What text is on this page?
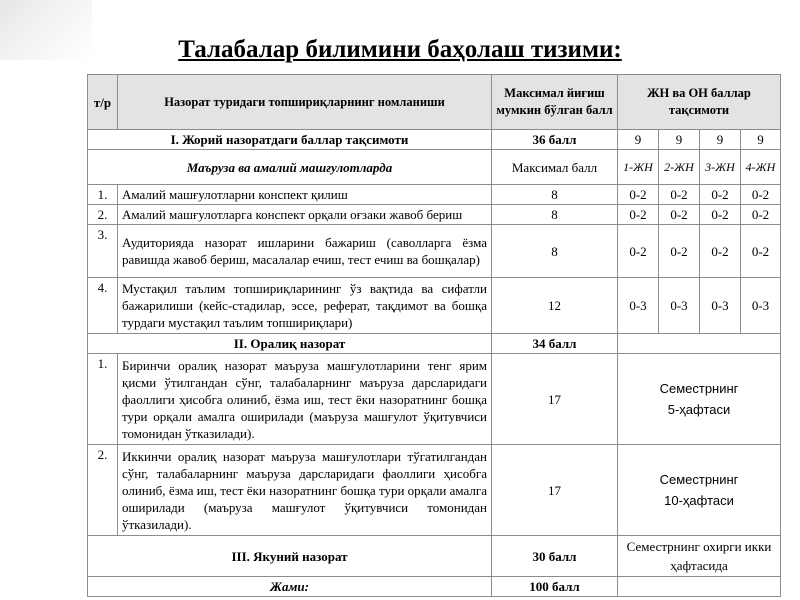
Талабалар билимини баҳолаш тизими:
т/р	Назорат туридаги топшириқларнинг номланиши	Максимал йиғиш мумкин бўлган балл	ЖН ва ОН баллар тақсимоти			
I. Жорий назоратдаги баллар тақсимоти		36 балл	9	9	9	9
Маъруза ва амалий машғулотларда		Максимал балл	1-ЖН	2-ЖН	3-ЖН	4-ЖН
1.	Амалий машғулотларни конспект қилиш	8	0-2	0-2	0-2	0-2
2.	Амалий машғулотларга конспект орқали оғзаки жавоб бериш	8	0-2	0-2	0-2	0-2
3.	Аудиторияда назорат ишларини бажариш (саволларга ёзма равишда жавоб бериш, масалалар ечиш, тест ечиш ва бошқалар)	8	0-2	0-2	0-2	0-2
4.	Мустақил таълим топшириқларининг ўз вақтида ва сифатли бажарилиши (кейс-стадилар, эссе, реферат, тақдимот ва бошқа турдаги мустақил таълим топшириқлари)	12	0-3	0-3	0-3	0-3
II. Оралиқ назорат		34 балл				
1.	Биринчи оралиқ назорат маъруза машғулотларини тенг ярим қисми ўтилгандан сўнг, талабаларнинг маъруза дарсларидаги фаоллиги ҳисобга олиниб, ёзма иш, тест ёки назоратнинг бошқа тури орқали амалга оширилади (маъруза машғулот ўқитувчиси томонидан ўтказилади).	17	Семестрнинг
5-ҳафтаси			
2.	Иккинчи оралиқ назорат маъруза машғулотлари тўгатилгандан сўнг, талабаларнинг маъруза дарсларидаги фаоллиги ҳисобга олиниб, ёзма иш, тест ёки назоратнинг бошқа тури орқали амалга оширилади (маъруза машғулот ўқитувчиси томонидан ўтказилади).	17	Семестрнинг
10-ҳафтаси			
III. Якуний назорат		30 балл	Семестрнинг охирги икки ҳафтасида			
Жами:		100 балл				
